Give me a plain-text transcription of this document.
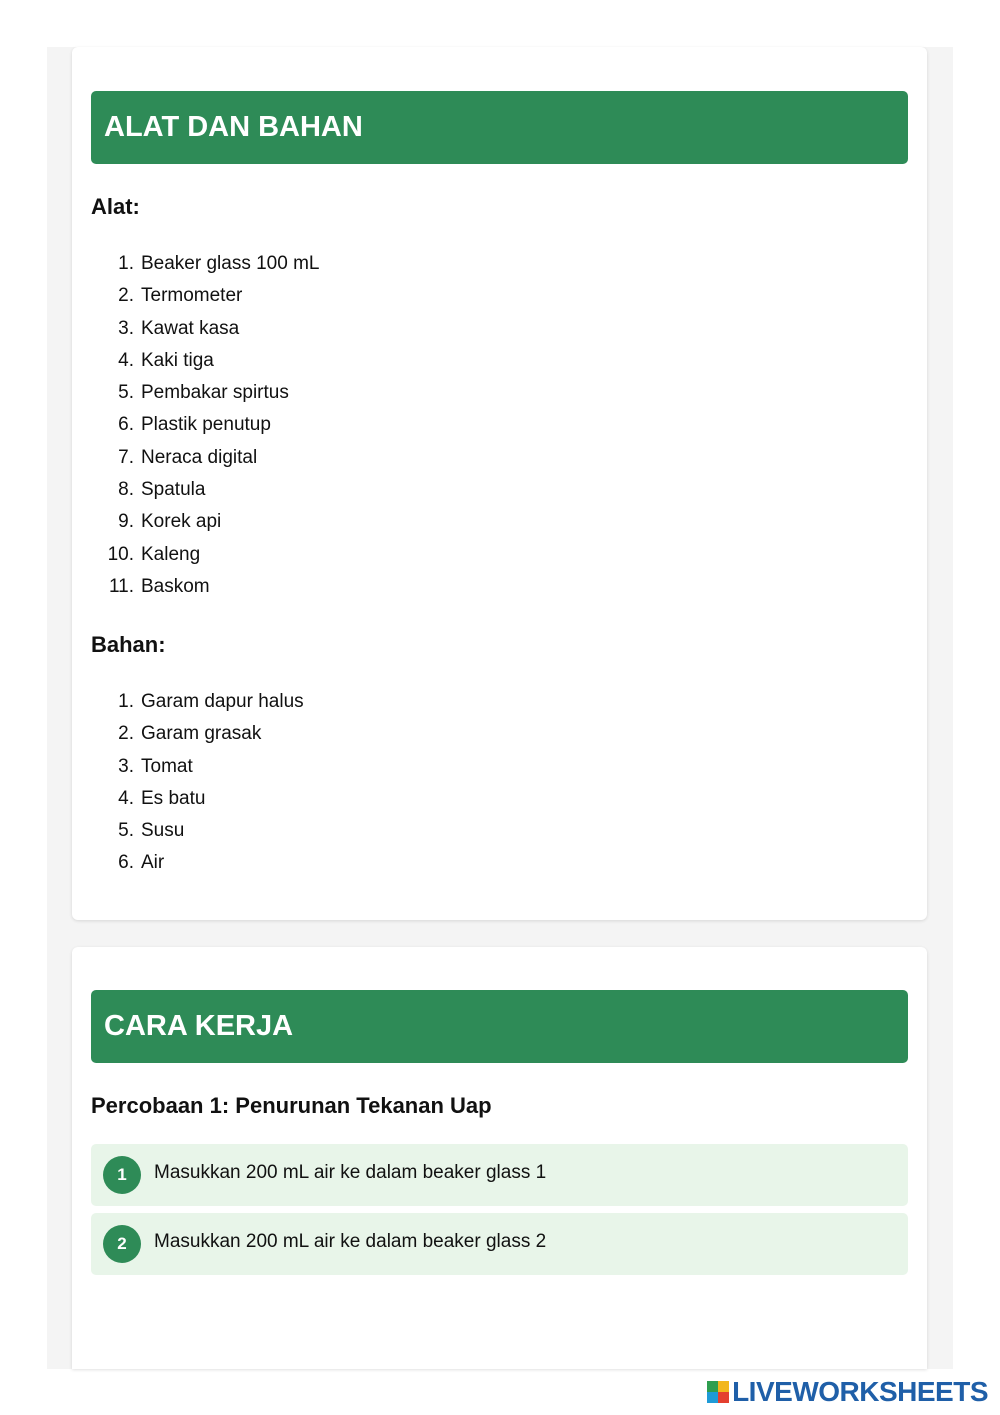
ALAT DAN BAHAN
Alat:
1. Beaker glass 100 mL
2. Termometer
3. Kawat kasa
4. Kaki tiga
5. Pembakar spirtus
6. Plastik penutup
7. Neraca digital
8. Spatula
9. Korek api
10. Kaleng
11. Baskom
Bahan:
1. Garam dapur halus
2. Garam grasak
3. Tomat
4. Es batu
5. Susu
6. Air
CARA KERJA
Percobaan 1: Penurunan Tekanan Uap
1	Masukkan 200 mL air ke dalam beaker glass 1
2	Masukkan 200 mL air ke dalam beaker glass 2
LIVEWORKSHEETS
